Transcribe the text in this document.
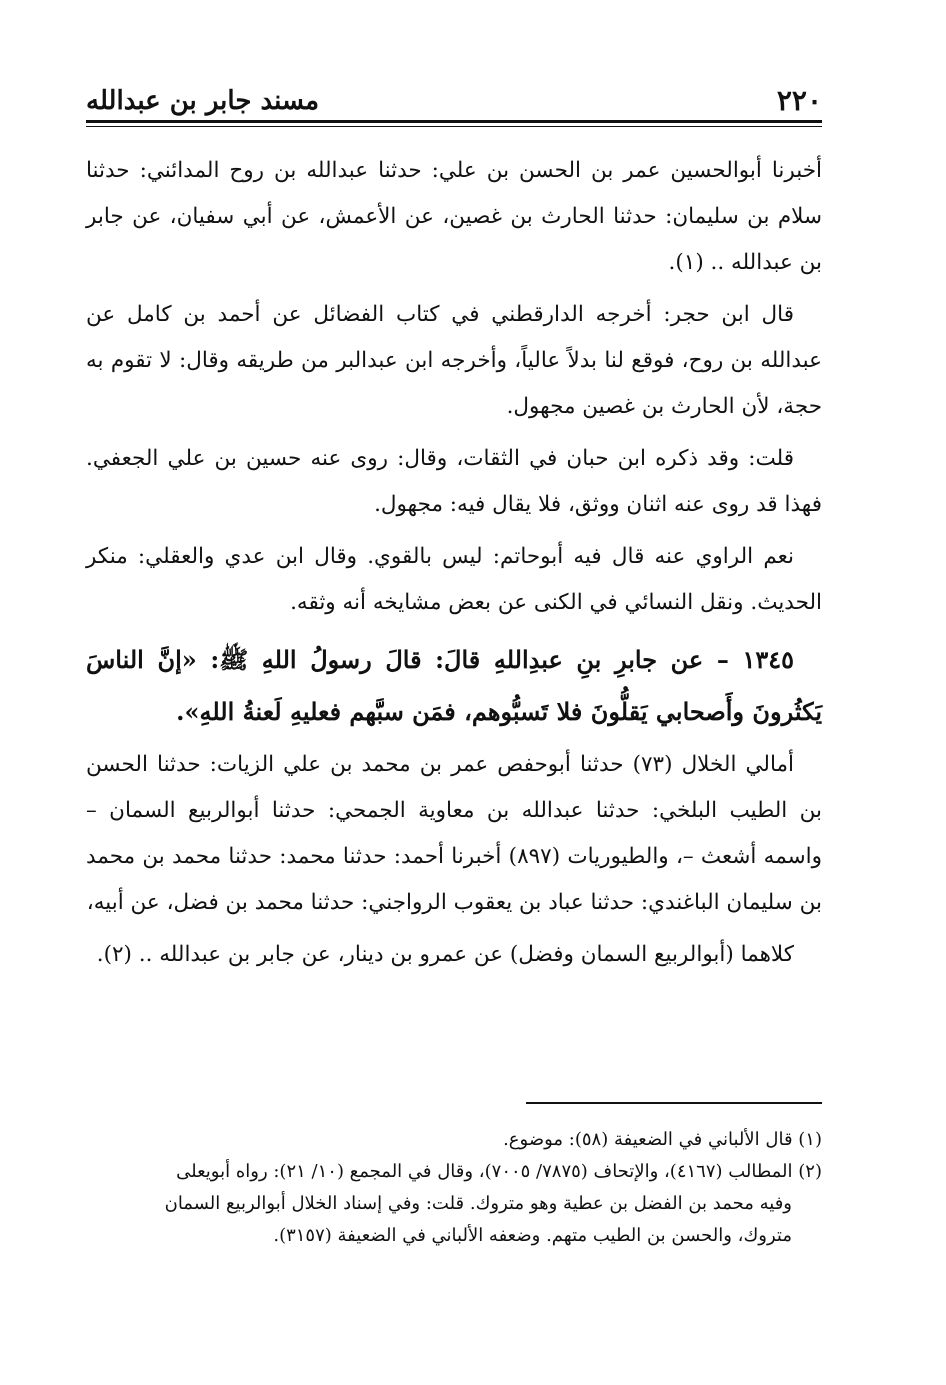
٢٢٠
مسند جابر بن عبدالله

أخبرنا أبوالحسين عمر بن الحسن بن علي: حدثنا عبدالله بن روح المدائني: حدثنا سلام بن سليمان: حدثنا الحارث بن غصين، عن الأعمش، عن أبي سفيان، عن جابر بن عبدالله .. (١).

قال ابن حجر: أخرجه الدارقطني في كتاب الفضائل عن أحمد بن كامل عن عبدالله بن روح، فوقع لنا بدلاً عالياً، وأخرجه ابن عبدالبر من طريقه وقال: لا تقوم به حجة، لأن الحارث بن غصين مجهول.

قلت: وقد ذكره ابن حبان في الثقات، وقال: روى عنه حسين بن علي الجعفي. فهذا قد روى عنه اثنان ووثق، فلا يقال فيه: مجهول.

نعم الراوي عنه قال فيه أبوحاتم: ليس بالقوي. وقال ابن عدي والعقلي: منكر الحديث. ونقل النسائي في الكنى عن بعض مشايخه أنه وثقه.

١٣٤٥ – عن جابرِ بنِ عبدِاللهِ قالَ: قالَ رسولُ اللهِ ﷺ: «إنَّ الناسَ يَكثُرونَ وأَصحابي يَقلُّونَ فلا تَسبُّوهم، فمَن سبَّهم فعليهِ لَعنةُ اللهِ».

أمالي الخلال (٧٣) حدثنا أبوحفص عمر بن محمد بن علي الزيات: حدثنا الحسن بن الطيب البلخي: حدثنا عبدالله بن معاوية الجمحي: حدثنا أبوالربيع السمان – واسمه أشعث –، والطيوريات (٨٩٧) أخبرنا أحمد: حدثنا محمد: حدثنا محمد بن محمد بن سليمان الباغندي: حدثنا عباد بن يعقوب الرواجني: حدثنا محمد بن فضل، عن أبيه،

كلاهما (أبوالربيع السمان وفضل) عن عمرو بن دينار، عن جابر بن عبدالله .. (٢).

(١) قال الألباني في الضعيفة (٥٨): موضوع.

(٢) المطالب (٤١٦٧)، والإتحاف (٧٨٧٥/ ٧٠٠٥)، وقال في المجمع (١٠/ ٢١): رواه أبويعلى

وفيه محمد بن الفضل بن عطية وهو متروك. قلت: وفي إسناد الخلال أبوالربيع السمان

متروك، والحسن بن الطيب متهم. وضعفه الألباني في الضعيفة (٣١٥٧).
